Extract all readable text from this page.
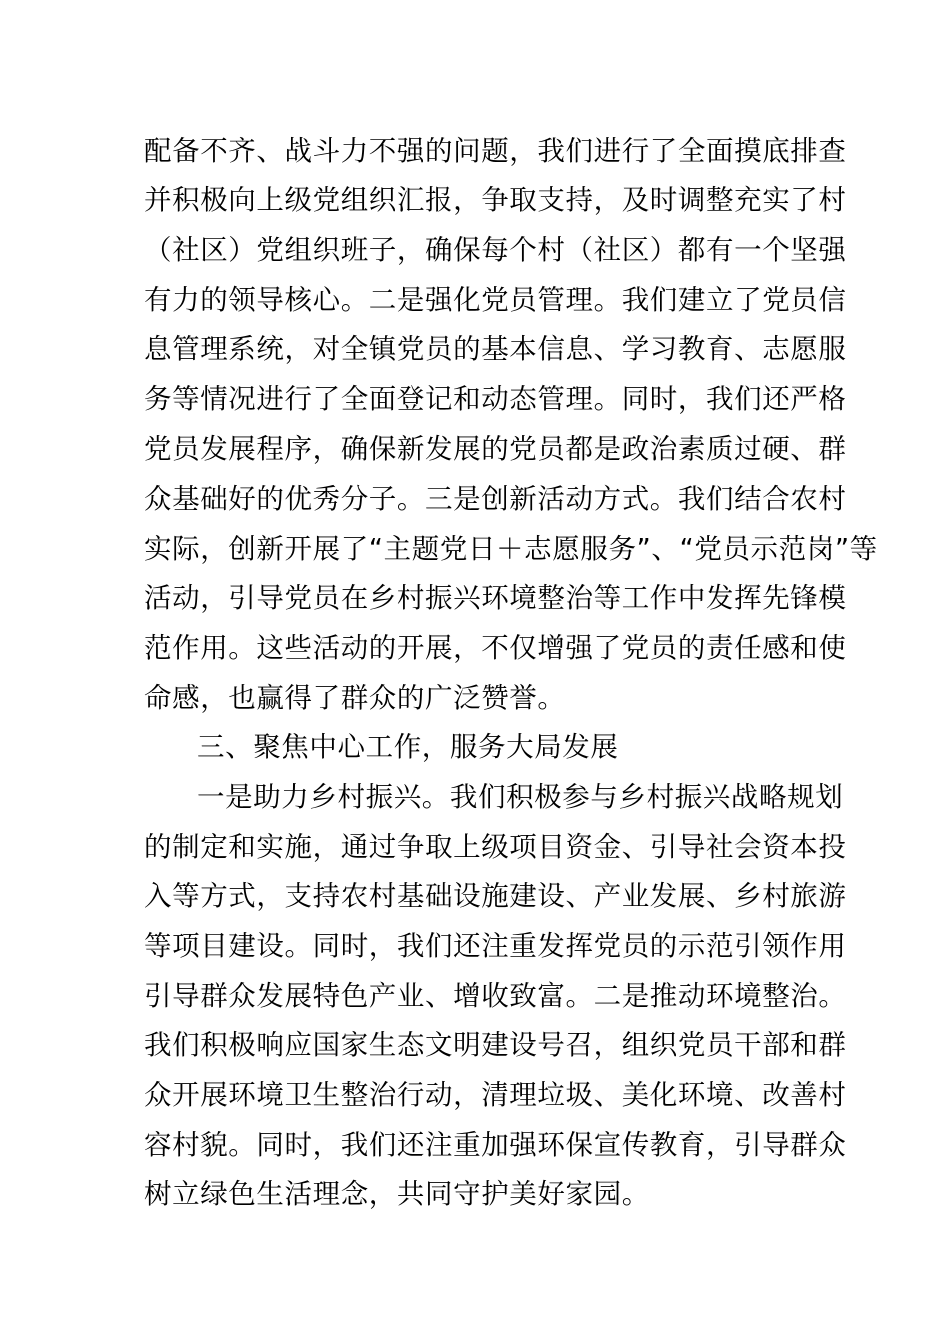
配备不齐、战斗力不强的问题，我们进行了全面摸底排查
并积极向上级党组织汇报，争取支持，及时调整充实了村
（社区）党组织班子，确保每个村（社区）都有一个坚强
有力的领导核心。二是强化党员管理。我们建立了党员信
息管理系统，对全镇党员的基本信息、学习教育、志愿服
务等情况进行了全面登记和动态管理。同时，我们还严格
党员发展程序，确保新发展的党员都是政治素质过硬、群
众基础好的优秀分子。三是创新活动方式。我们结合农村
实际，创新开展了“主题党日＋志愿服务”、“党员示范岗”等
活动，引导党员在乡村振兴环境整治等工作中发挥先锋模
范作用。这些活动的开展，不仅增强了党员的责任感和使
命感，也赢得了群众的广泛赞誉。
三、聚焦中心工作，服务大局发展
一是助力乡村振兴。我们积极参与乡村振兴战略规划
的制定和实施，通过争取上级项目资金、引导社会资本投
入等方式，支持农村基础设施建设、产业发展、乡村旅游
等项目建设。同时，我们还注重发挥党员的示范引领作用
引导群众发展特色产业、增收致富。二是推动环境整治。
我们积极响应国家生态文明建设号召，组织党员干部和群
众开展环境卫生整治行动，清理垃圾、美化环境、改善村
容村貌。同时，我们还注重加强环保宣传教育，引导群众
树立绿色生活理念，共同守护美好家园。
